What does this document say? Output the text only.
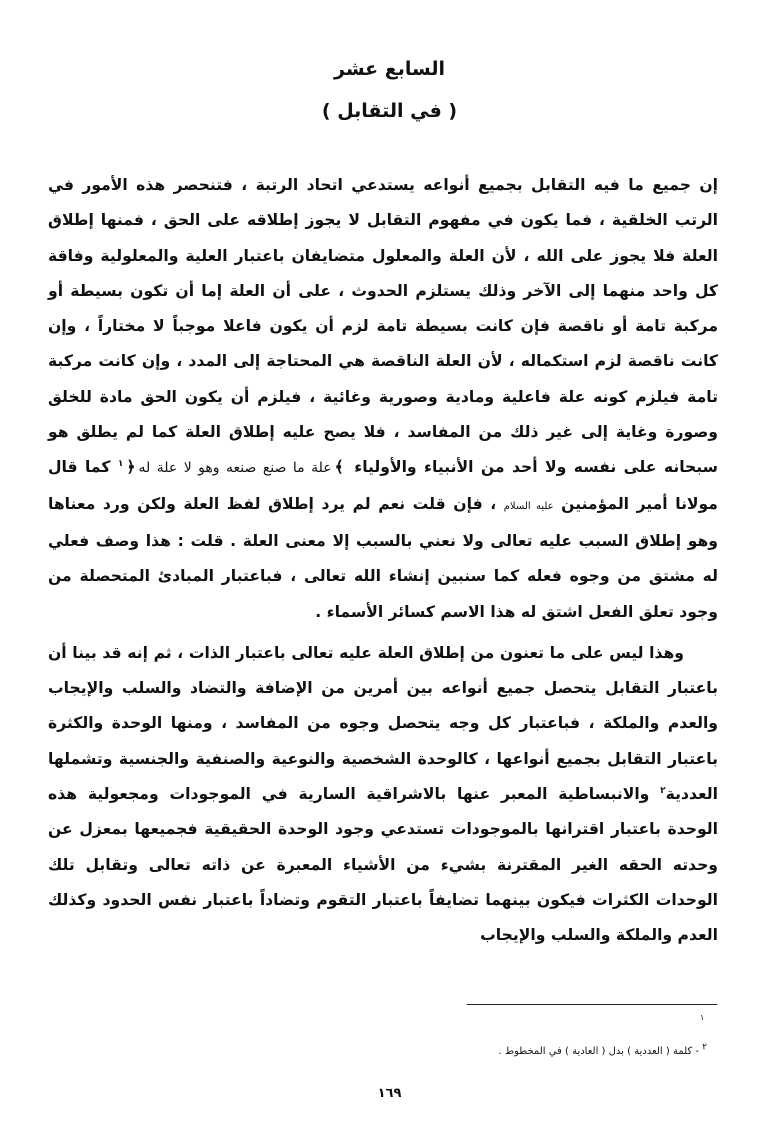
السابع عشر
( في التقابل )

إن جميع ما فيه التقابل بجميع أنواعه يستدعي اتحاد الرتبة ، فتنحصر هذه الأمور في الرتب الخلقية ، فما يكون في مفهوم التقابل لا يجوز إطلاقه على الحق ، فمنها إطلاق العلة فلا يجوز على الله ، لأن العلة والمعلول متضايفان باعتبار العلية والمعلولية وفاقة كل واحد منهما إلى الآخر وذلك يستلزم الحدوث ، على أن العلة إما أن تكون بسيطة أو مركبة تامة أو ناقصة فإن كانت بسيطة تامة لزم أن يكون فاعلا موجباً لا مختاراً ، وإن كانت ناقصة لزم استكماله ، لأن العلة الناقصة هي المحتاجة إلى المدد ، وإن كانت مركبة تامة فيلزم كونه علة فاعلية ومادية وصورية وغائية ، فيلزم أن يكون الحق مادة للخلق وصورة وغاية إلى غير ذلك من المفاسد ، فلا يصح عليه إطلاق العلة كما لم يطلق هو سبحانه على نفسه ولا أحد من الأنبياء والأولياء ﴾علة ما صنع صنعه وهو لا علة له﴿$^١$ كما قال مولانا أمير المؤمنين عليه السلام ، فإن قلت نعم لم يرد إطلاق لفظ العلة ولكن ورد معناها وهو إطلاق السبب عليه تعالى ولا نعني بالسبب إلا معنى العلة . قلت : هذا وصف فعلي له مشتق من وجوه فعله كما سنبين إنشاء الله تعالى ، فباعتبار المبادئ المتحصلة من وجود تعلق الفعل اشتق له هذا الاسم كسائر الأسماء .

وهذا ليس على ما تعنون من إطلاق العلة عليه تعالى باعتبار الذات ، ثم إنه قد بينا أن باعتبار التقابل يتحصل جميع أنواعه بين أمرين من الإضافة والتضاد والسلب والإيجاب والعدم والملكة ، فباعتبار كل وجه يتحصل وجوه من المفاسد ، ومنها الوحدة والكثرة باعتبار التقابل بجميع أنواعها ، كالوحدة الشخصية والنوعية والصنفية والجنسية وتشملها العددية$^٢$ والانبساطية المعبر عنها بالاشراقية السارية في الموجودات ومجعولية هذه الوحدة باعتبار اقترانها بالموجودات تستدعي وجود الوحدة الحقيقية فجميعها بمعزل عن وحدته الحقه الغير المقترنة بشيء من الأشياء المعبرة عن ذاته تعالى وتقابل تلك الوحدات الكثرات فيكون بينهما تضايفاً باعتبار التقوم وتضاداً باعتبار نفس الحدود وكذلك العدم والملكة والسلب والإيجاب

١
٢ - كلمة ( العددية ) بدل ( العادية ) في المخطوط .
١٦٩
